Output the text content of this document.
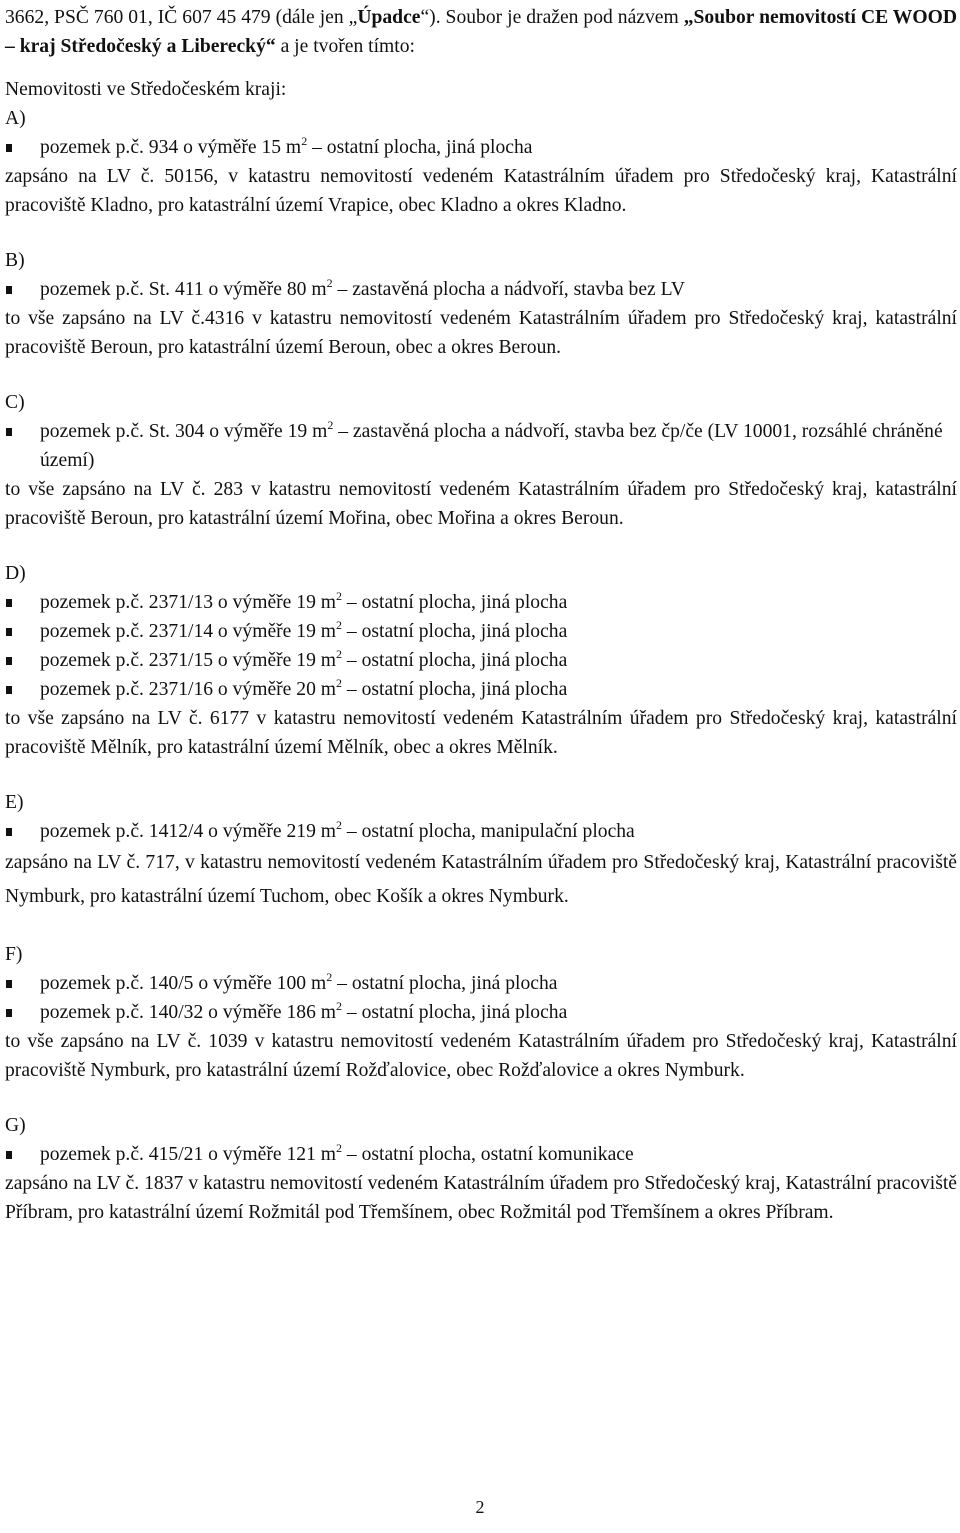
3662, PSČ 760 01, IČ 607 45 479 (dále jen „Úpadce“). Soubor je dražen pod názvem „Soubor nemovitostí CE WOOD – kraj Středočeský a Liberecký“ a je tvořen tímto:

Nemovitosti ve Středočeském kraji:

A)
pozemek p.č. 934 o výměře 15 $m^2$ – ostatní plocha, jiná plocha
zapsáno na LV č. 50156, v katastru nemovitostí vedeném Katastrálním úřadem pro Středočeský kraj, Katastrální pracoviště Kladno, pro katastrální území Vrapice, obec Kladno a okres Kladno.
B)
pozemek p.č. St. 411 o výměře 80 $m^2$ – zastavěná plocha a nádvoří, stavba bez LV
to vše zapsáno na LV č.4316 v katastru nemovitostí vedeném Katastrálním úřadem pro Středočeský kraj, katastrální pracoviště Beroun, pro katastrální území Beroun, obec a okres Beroun.
C)
pozemek p.č. St. 304 o výměře 19 $m^2$ – zastavěná plocha a nádvoří, stavba bez čp/če (LV 10001, rozsáhlé chráněné území)
to vše zapsáno na LV č. 283 v katastru nemovitostí vedeném Katastrálním úřadem pro Středočeský kraj, katastrální pracoviště Beroun, pro katastrální území Mořina, obec Mořina a okres Beroun.
D)
pozemek p.č. 2371/13 o výměře 19 $m^2$ – ostatní plocha, jiná plocha
pozemek p.č. 2371/14 o výměře 19 $m^2$ – ostatní plocha, jiná plocha
pozemek p.č. 2371/15 o výměře 19 $m^2$ – ostatní plocha, jiná plocha
pozemek p.č. 2371/16 o výměře 20 $m^2$ – ostatní plocha, jiná plocha
to vše zapsáno na LV č. 6177 v katastru nemovitostí vedeném Katastrálním úřadem pro Středočeský kraj, katastrální pracoviště Mělník, pro katastrální území Mělník, obec a okres Mělník.
E)
pozemek p.č. 1412/4 o výměře 219 $m^2$ – ostatní plocha, manipulační plocha
zapsáno na LV č. 717, v katastru nemovitostí vedeném Katastrálním úřadem pro Středočeský kraj, Katastrální pracoviště Nymburk, pro katastrální území Tuchom, obec Košík a okres Nymburk.
F)
pozemek p.č. 140/5 o výměře 100 $m^2$ – ostatní plocha, jiná plocha
pozemek p.č. 140/32 o výměře 186 $m^2$ – ostatní plocha, jiná plocha
to vše zapsáno na LV č. 1039 v katastru nemovitostí vedeném Katastrálním úřadem pro Středočeský kraj, Katastrální pracoviště Nymburk, pro katastrální území Rožďalovice, obec Rožďalovice a okres Nymburk.
G)
pozemek p.č. 415/21 o výměře 121 $m^2$ – ostatní plocha, ostatní komunikace
zapsáno na LV č. 1837 v katastru nemovitostí vedeném Katastrálním úřadem pro Středočeský kraj, Katastrální pracoviště Příbram, pro katastrální území Rožmitál pod Třemšínem, obec Rožmitál pod Třemšínem a okres Příbram.
2
